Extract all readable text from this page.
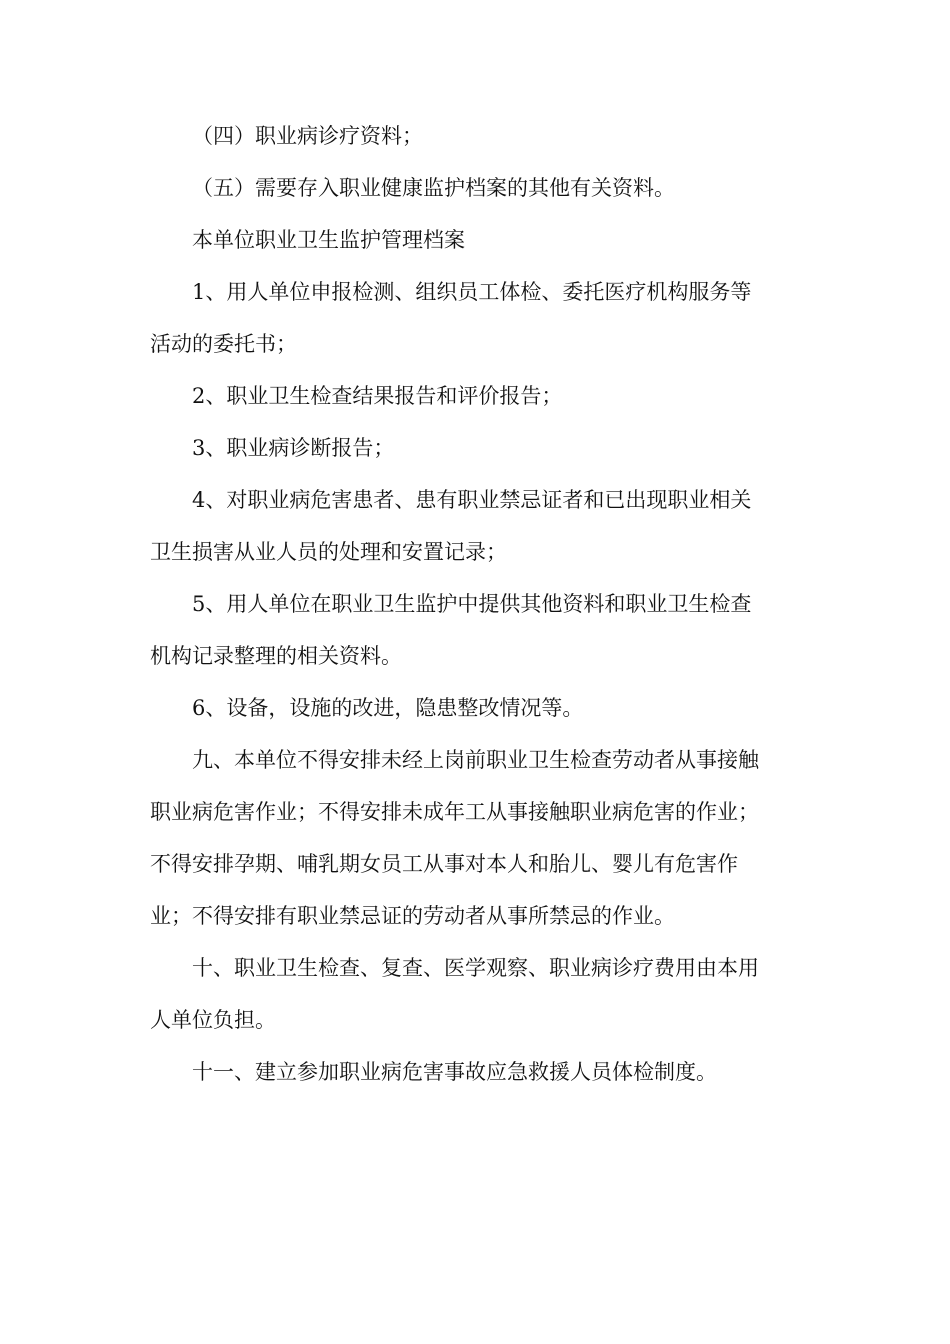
（四）职业病诊疗资料；
（五）需要存入职业健康监护档案的其他有关资料。
本单位职业卫生监护管理档案
1、用人单位申报检测、组织员工体检、委托医疗机构服务等
活动的委托书；
2、职业卫生检查结果报告和评价报告；
3、职业病诊断报告；
4、对职业病危害患者、患有职业禁忌证者和已出现职业相关
卫生损害从业人员的处理和安置记录；
5、用人单位在职业卫生监护中提供其他资料和职业卫生检查
机构记录整理的相关资料。
6、设备，设施的改进，隐患整改情况等。
九、本单位不得安排未经上岗前职业卫生检查劳动者从事接触
职业病危害作业；不得安排未成年工从事接触职业病危害的作业；
不得安排孕期、哺乳期女员工从事对本人和胎儿、婴儿有危害作
业；不得安排有职业禁忌证的劳动者从事所禁忌的作业。
十、职业卫生检查、复查、医学观察、职业病诊疗费用由本用
人单位负担。
十一、建立参加职业病危害事故应急救援人员体检制度。
